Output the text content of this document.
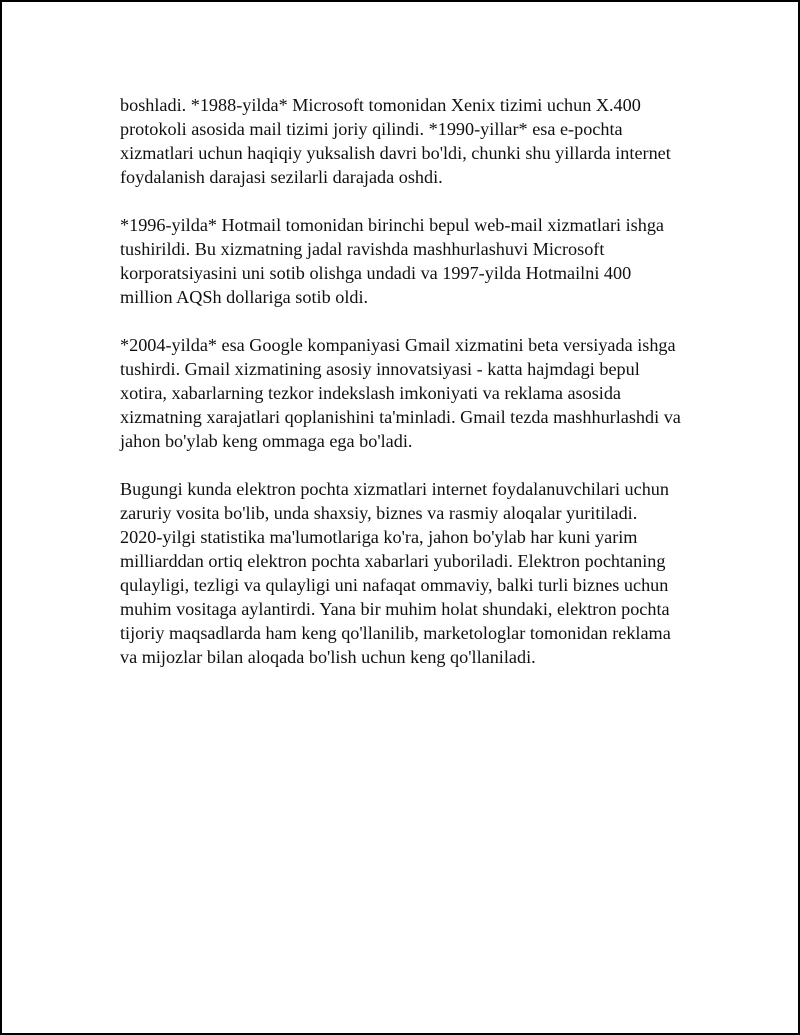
boshladi. *1988-yilda* Microsoft tomonidan Xenix tizimi uchun X.400
protokoli asosida mail tizimi joriy qilindi. *1990-yillar* esa e-pochta
xizmatlari uchun haqiqiy yuksalish davri bo'ldi, chunki shu yillarda internet
foydalanish darajasi sezilarli darajada oshdi.

*1996-yilda* Hotmail tomonidan birinchi bepul web-mail xizmatlari ishga
tushirildi. Bu xizmatning jadal ravishda mashhurlashuvi Microsoft
korporatsiyasini uni sotib olishga undadi va 1997-yilda Hotmailni 400
million AQSh dollariga sotib oldi.

*2004-yilda* esa Google kompaniyasi Gmail xizmatini beta versiyada ishga
tushirdi. Gmail xizmatining asosiy innovatsiyasi - katta hajmdagi bepul
xotira, xabarlarning tezkor indekslash imkoniyati va reklama asosida
xizmatning xarajatlari qoplanishini ta'minladi. Gmail tezda mashhurlashdi va
jahon bo'ylab keng ommaga ega bo'ladi.

Bugungi kunda elektron pochta xizmatlari internet foydalanuvchilari uchun
zaruriy vosita bo'lib, unda shaxsiy, biznes va rasmiy aloqalar yuritiladi.
2020-yilgi statistika ma'lumotlariga ko'ra, jahon bo'ylab har kuni yarim
milliarddan ortiq elektron pochta xabarlari yuboriladi. Elektron pochtaning
qulayligi, tezligi va qulayligi uni nafaqat ommaviy, balki turli biznes uchun
muhim vositaga aylantirdi. Yana bir muhim holat shundaki, elektron pochta
tijoriy maqsadlarda ham keng qo'llanilib, marketologlar tomonidan reklama
va mijozlar bilan aloqada bo'lish uchun keng qo'llaniladi.
